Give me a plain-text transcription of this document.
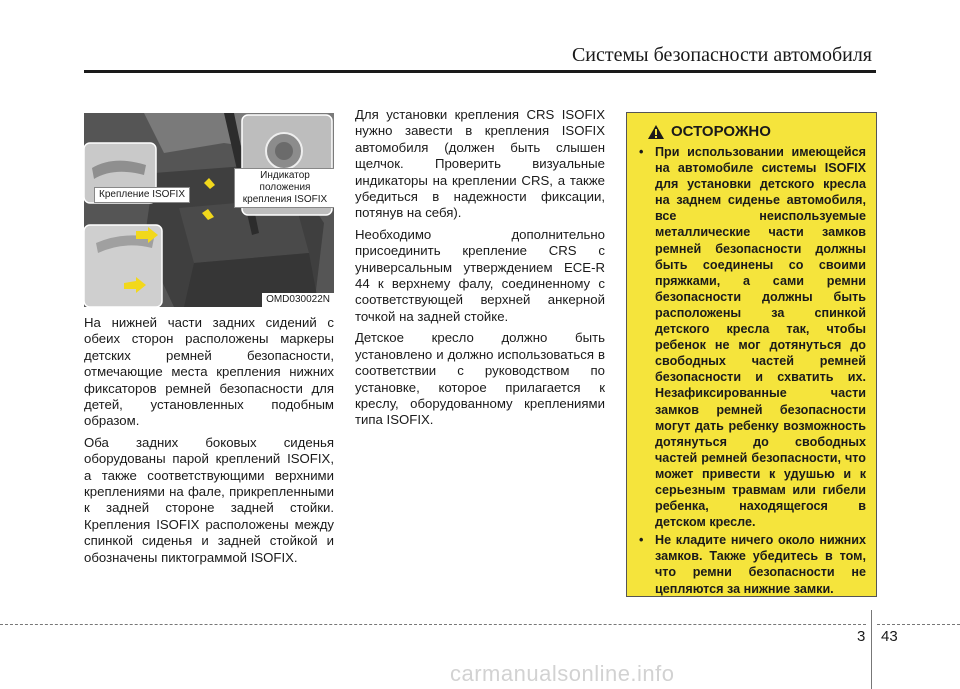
Системы безопасности автомобиля
Крепление ISOFIX
Индикатор положения крепления ISOFIX
OMD030022N

На нижней части задних сидений с обеих сторон расположены маркеры детских ремней безопасности, отмечающие места крепления нижних фиксаторов ремней безопасности для детей, установленных подобным образом.

Оба задних боковых сиденья оборудованы парой креплений ISOFIX, а также соответствующими верхними креплениями на фале, прикрепленными к задней стороне задней стойки. Крепления ISOFIX расположены между спинкой сиденья и задней стойкой и обозначены пиктограммой ISOFIX.

Для установки крепления CRS ISOFIX нужно завести в крепления ISOFIX автомобиля (должен быть слышен щелчок. Проверить визуальные индикаторы на креплении CRS, а также убедиться в надежности фиксации, потянув на себя).

Необходимо дополнительно присоединить крепление CRS с универсальным утверждением ECE-R 44 к верхнему фалу, соединенному с соответствующей верхней анкерной точкой на задней стойке.

Детское кресло должно быть установлено и должно использоваться в соответствии с руководством по установке, которое прилагается к креслу, оборудованному креплениями типа ISOFIX.

ОСТОРОЖНО
• При использовании имеющейся на автомобиле системы ISOFIX для установки детского кресла на заднем сиденье автомобиля, все неиспользуемые металлические части замков ремней безопасности должны быть соединены со своими пряжками, а сами ремни безопасности должны быть расположены за спинкой детского кресла так, чтобы ребенок не мог дотянуться до свободных частей ремней безопасности и схватить их. Незафиксированные части замков ремней безопасности могут дать ребенку возможность дотянуться до свободных частей ремней безопасности, что может привести к удушью и к серьезным травмам или гибели ребенка, находящегося в детском кресле.
• Не кладите ничего около нижних замков. Также убедитесь в том, что ремни безопасности не цепляются за нижние замки.
3 43
carmanualsonline.info
